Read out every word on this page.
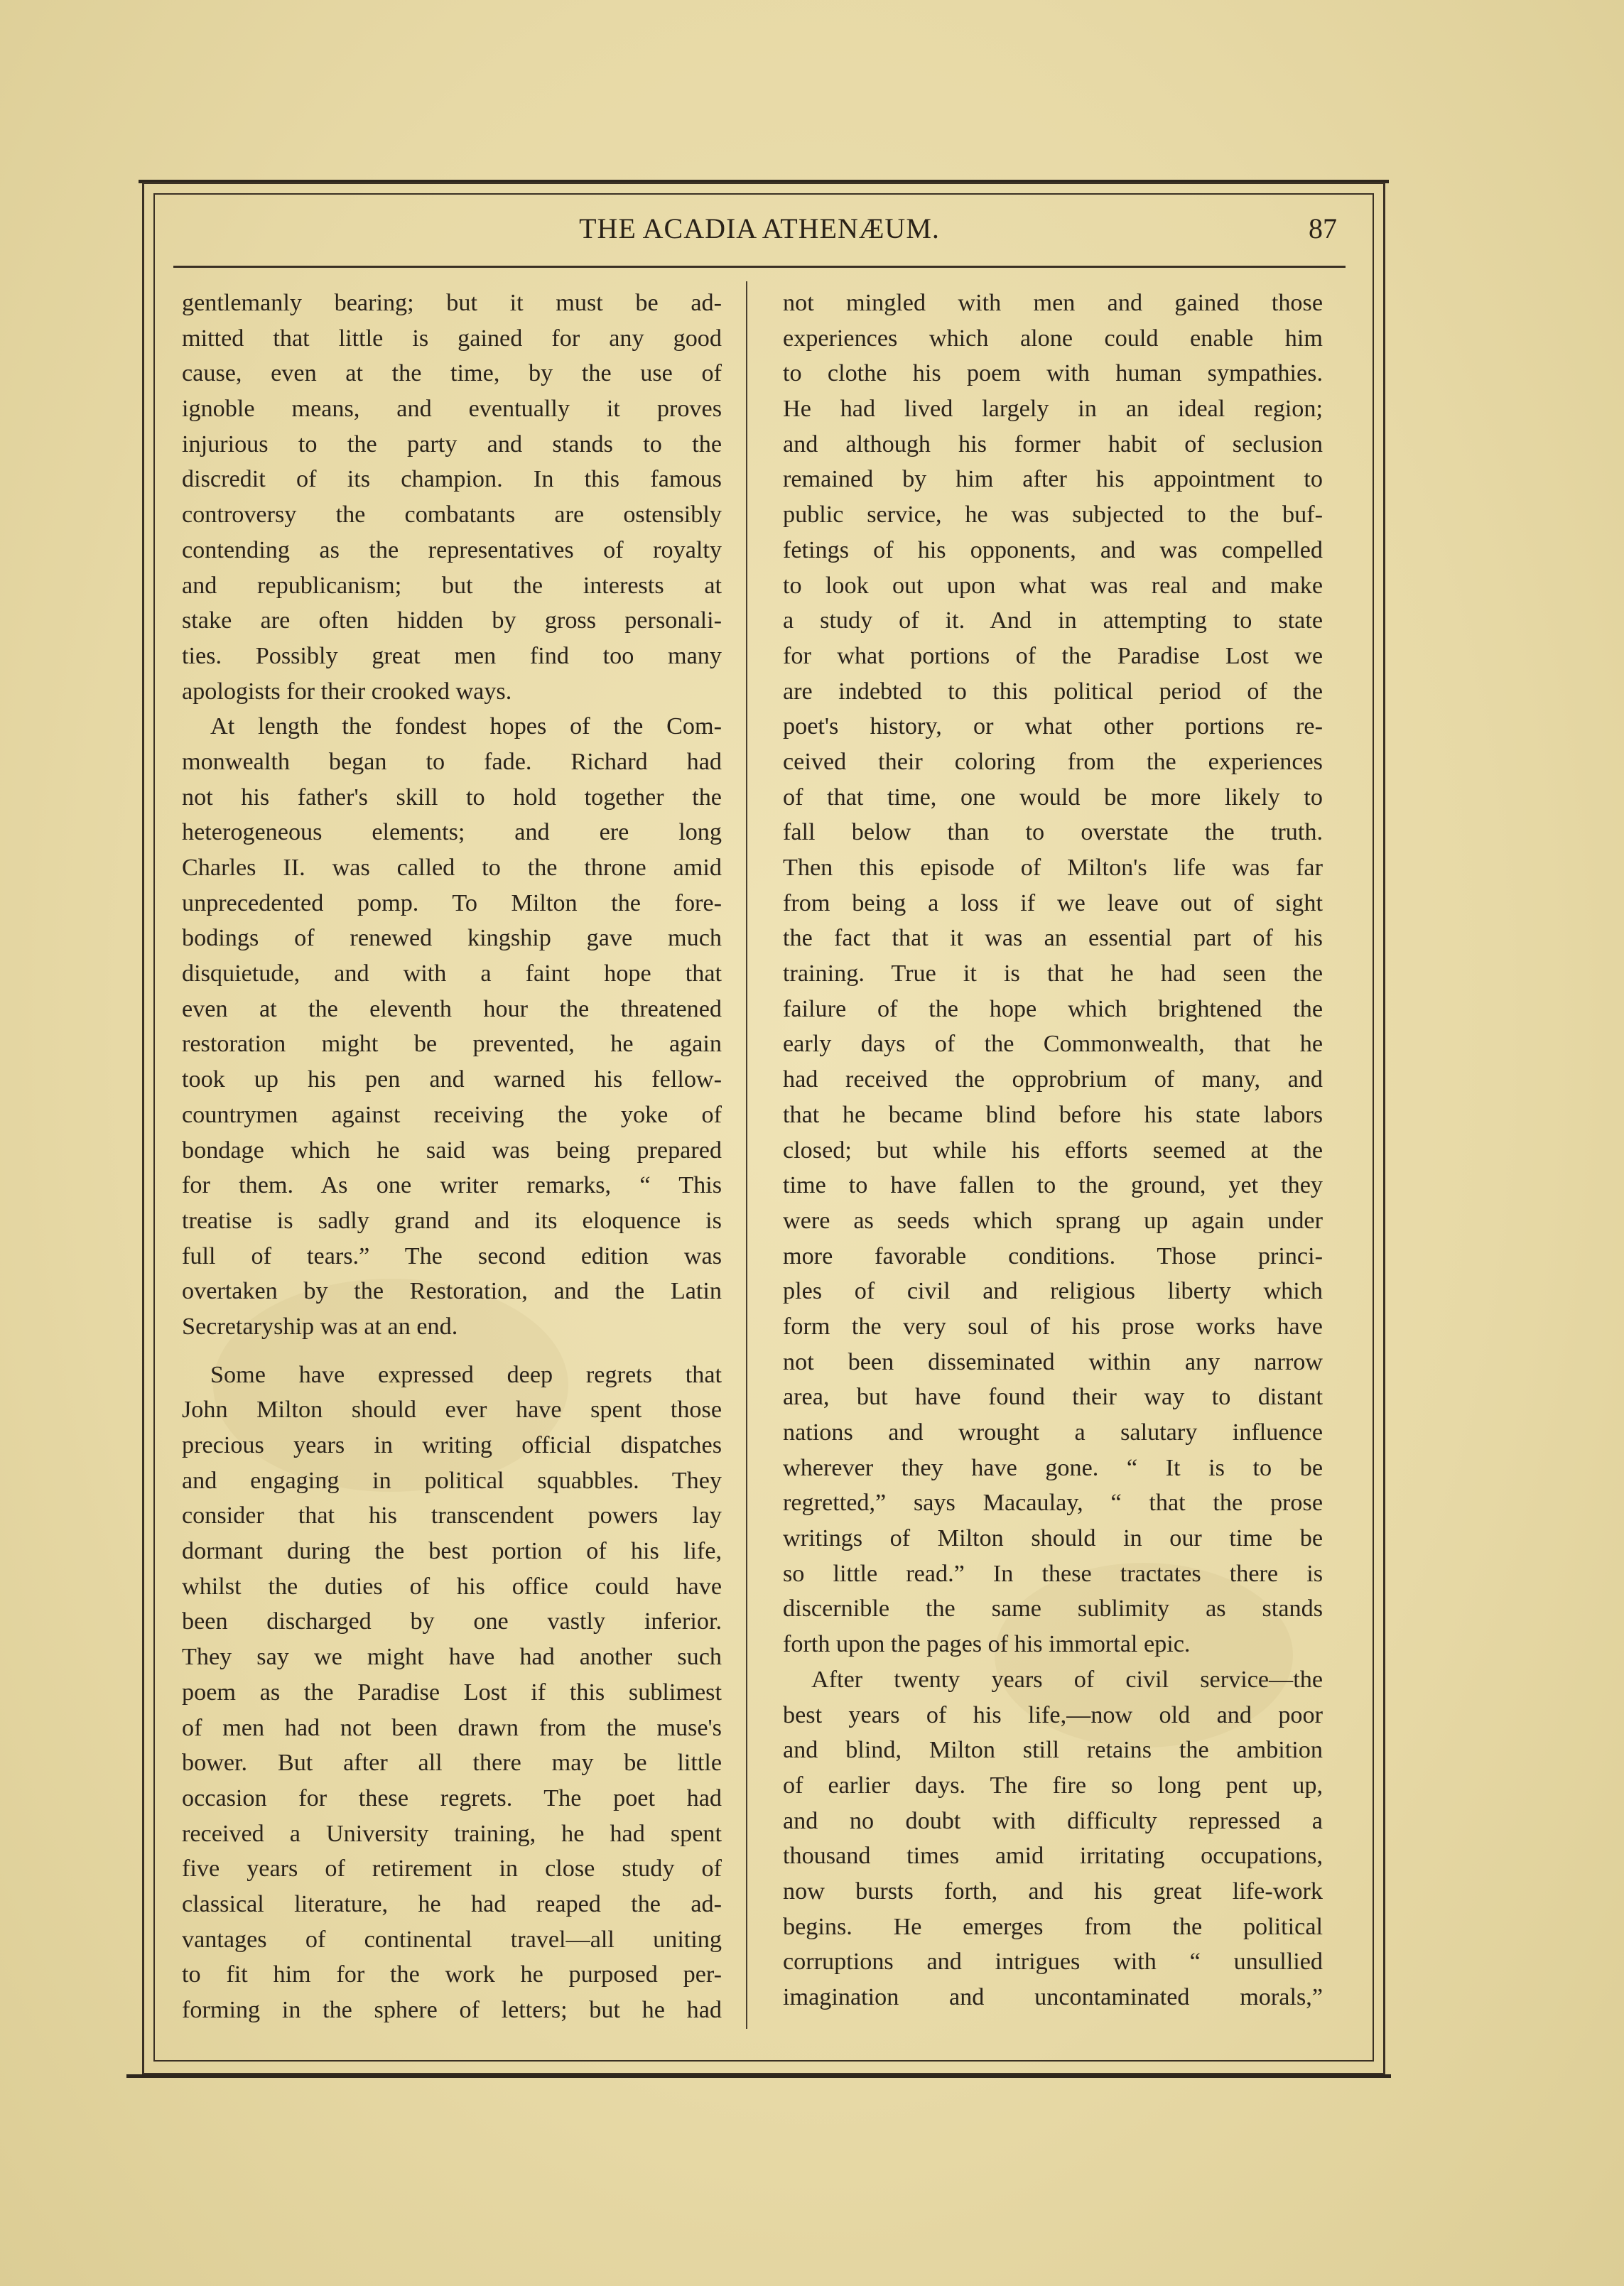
THE ACADIA ATHENÆUM.	87
gentlemanly bearing; but it must be ad-
mitted that little is gained for any good
cause, even at the time, by the use of
ignoble means, and eventually it proves
injurious to the party and stands to the
discredit of its champion. In this famous
controversy the combatants are ostensibly
contending as the representatives of royalty
and republicanism; but the interests at
stake are often hidden by gross personali-
ties. Possibly great men find too many
apologists for their crooked ways.
At length the fondest hopes of the Com-
monwealth began to fade. Richard had
not his father's skill to hold together the
heterogeneous elements; and ere long
Charles II. was called to the throne amid
unprecedented pomp. To Milton the fore-
bodings of renewed kingship gave much
disquietude, and with a faint hope that
even at the eleventh hour the threatened
restoration might be prevented, he again
took up his pen and warned his fellow-
countrymen against receiving the yoke of
bondage which he said was being prepared
for them. As one writer remarks, “ This
treatise is sadly grand and its eloquence is
full of tears.” The second edition was
overtaken by the Restoration, and the Latin
Secretaryship was at an end.
Some have expressed deep regrets that
John Milton should ever have spent those
precious years in writing official dispatches
and engaging in political squabbles. They
consider that his transcendent powers lay
dormant during the best portion of his life,
whilst the duties of his office could have
been discharged by one vastly inferior.
They say we might have had another such
poem as the Paradise Lost if this sublimest
of men had not been drawn from the muse's
bower. But after all there may be little
occasion for these regrets. The poet had
received a University training, he had spent
five years of retirement in close study of
classical literature, he had reaped the ad-
vantages of continental travel—all uniting
to fit him for the work he purposed per-
forming in the sphere of letters; but he had
not mingled with men and gained those
experiences which alone could enable him
to clothe his poem with human sympathies.
He had lived largely in an ideal region;
and although his former habit of seclusion
remained by him after his appointment to
public service, he was subjected to the buf-
fetings of his opponents, and was compelled
to look out upon what was real and make
a study of it. And in attempting to state
for what portions of the Paradise Lost we
are indebted to this political period of the
poet's history, or what other portions re-
ceived their coloring from the experiences
of that time, one would be more likely to
fall below than to overstate the truth.
Then this episode of Milton's life was far
from being a loss if we leave out of sight
the fact that it was an essential part of his
training. True it is that he had seen the
failure of the hope which brightened the
early days of the Commonwealth, that he
had received the opprobrium of many, and
that he became blind before his state labors
closed; but while his efforts seemed at the
time to have fallen to the ground, yet they
were as seeds which sprang up again under
more favorable conditions. Those princi-
ples of civil and religious liberty which
form the very soul of his prose works have
not been disseminated within any narrow
area, but have found their way to distant
nations and wrought a salutary influence
wherever they have gone. “ It is to be
regretted,” says Macaulay, “ that the prose
writings of Milton should in our time be
so little read.” In these tractates there is
discernible the same sublimity as stands
forth upon the pages of his immortal epic.
After twenty years of civil service—the
best years of his life,—now old and poor
and blind, Milton still retains the ambition
of earlier days. The fire so long pent up,
and no doubt with difficulty repressed a
thousand times amid irritating occupations,
now bursts forth, and his great life-work
begins. He emerges from the political
corruptions and intrigues with “ unsullied
imagination and uncontaminated morals,”
